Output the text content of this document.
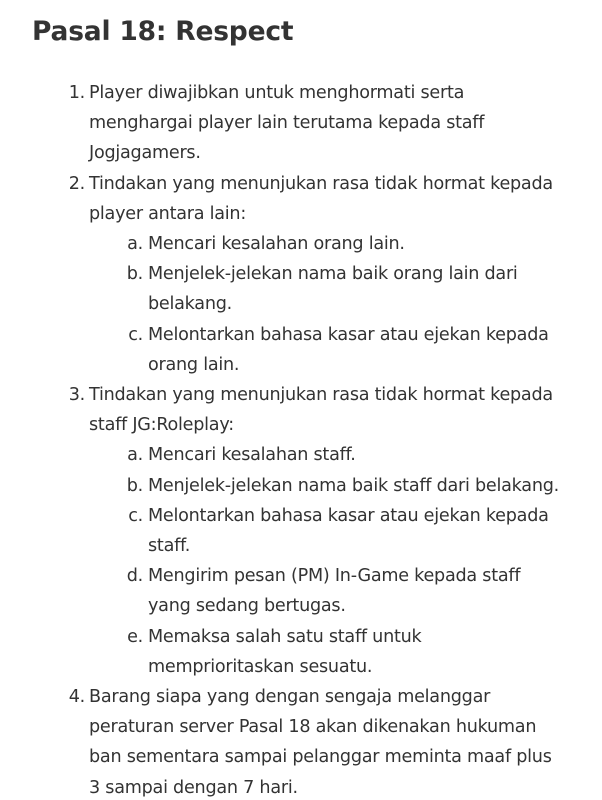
Pasal 18: Respect
1. Player diwajibkan untuk menghormati serta
menghargai player lain terutama kepada staff
Jogjagamers.
2. Tindakan yang menunjukan rasa tidak hormat kepada
player antara lain:
a. Mencari kesalahan orang lain.
b. Menjelek-jelekan nama baik orang lain dari
belakang.
c. Melontarkan bahasa kasar atau ejekan kepada
orang lain.
3. Tindakan yang menunjukan rasa tidak hormat kepada
staff JG:Roleplay:
a. Mencari kesalahan staff.
b. Menjelek-jelekan nama baik staff dari belakang.
c. Melontarkan bahasa kasar atau ejekan kepada
staff.
d. Mengirim pesan (PM) In-Game kepada staff
yang sedang bertugas.
e. Memaksa salah satu staff untuk
memprioritaskan sesuatu.
4. Barang siapa yang dengan sengaja melanggar
peraturan server Pasal 18 akan dikenakan hukuman
ban sementara sampai pelanggar meminta maaf plus
3 sampai dengan 7 hari.
